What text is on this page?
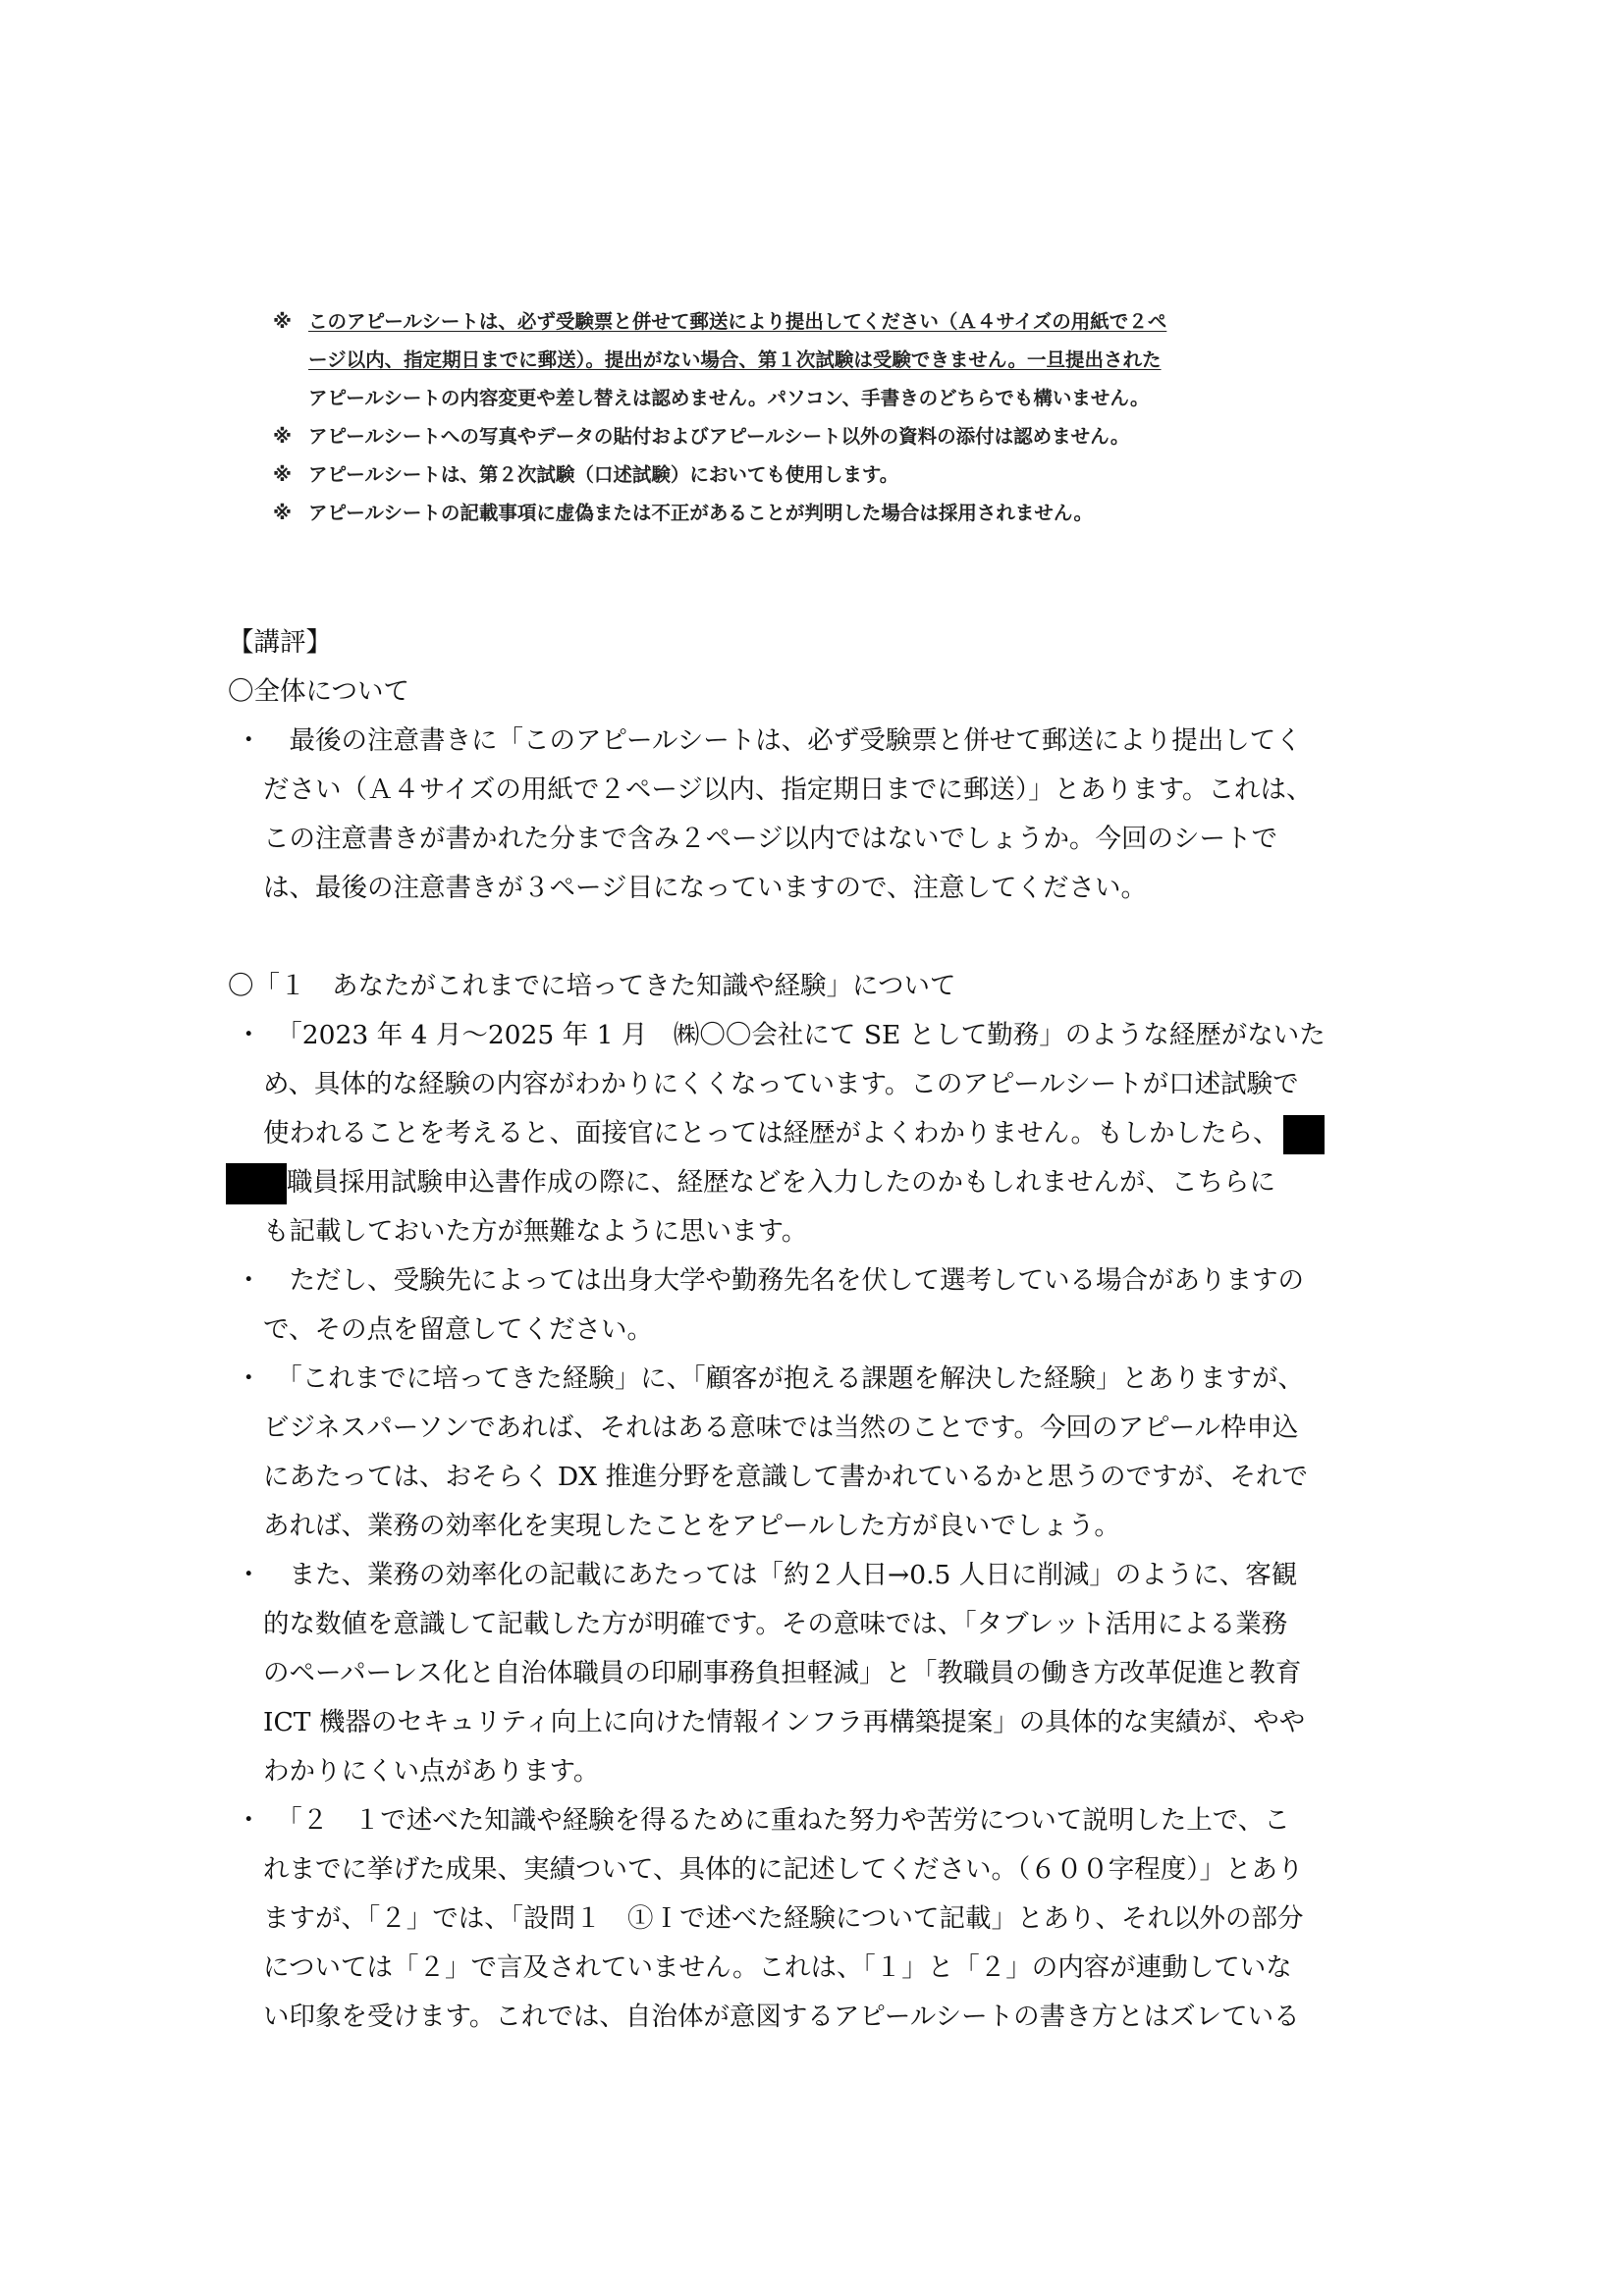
※ このアピールシートは、必ず受験票と併せて郵送により提出してください（Ａ４サイズの用紙で２ペ
ージ以内、指定期日までに郵送）。提出がない場合、第１次試験は受験できません。一旦提出された
アピールシートの内容変更や差し替えは認めません。パソコン、手書きのどちらでも構いません。
※ アピールシートへの写真やデータの貼付およびアピールシート以外の資料の添付は認めません。
※ アピールシートは、第２次試験（口述試験）においても使用します。
※ アピールシートの記載事項に虚偽または不正があることが判明した場合は採用されません。
【講評】
〇全体について
・ 　最後の注意書きに「このアピールシートは、必ず受験票と併せて郵送により提出してく
ださい（Ａ４サイズの用紙で２ページ以内、指定期日までに郵送）」とあります。これは、
この注意書きが書かれた分まで含み２ページ以内ではないでしょうか。今回のシートで
は、最後の注意書きが３ページ目になっていますので、注意してください。
〇「１　あなたがこれまでに培ってきた知識や経験」について
・ 　「2023 年 4 月～2025 年 1 月　㈱〇〇会社にて SE として勤務」のような経歴がないた
め、具体的な経験の内容がわかりにくくなっています。このアピールシートが口述試験で
使われることを考えると、面接官にとっては経歴がよくわかりません。もしかしたら、
職員採用試験申込書作成の際に、経歴などを入力したのかもしれませんが、こちらに
も記載しておいた方が無難なように思います。
・ 　ただし、受験先によっては出身大学や勤務先名を伏して選考している場合がありますの
で、その点を留意してください。
・ 　「これまでに培ってきた経験」に、「顧客が抱える課題を解決した経験」とありますが、
ビジネスパーソンであれば、それはある意味では当然のことです。今回のアピール枠申込
にあたっては、おそらく DX 推進分野を意識して書かれているかと思うのですが、それで
あれば、業務の効率化を実現したことをアピールした方が良いでしょう。
・ 　また、業務の効率化の記載にあたっては「約２人日→0.5 人日に削減」のように、客観
的な数値を意識して記載した方が明確です。その意味では、「タブレット活用による業務
のペーパーレス化と自治体職員の印刷事務負担軽減」と「教職員の働き方改革促進と教育
ICT 機器のセキュリティ向上に向けた情報インフラ再構築提案」の具体的な実績が、やや
わかりにくい点があります。
・ 　「２　１で述べた知識や経験を得るために重ねた努力や苦労について説明した上で、こ
れまでに挙げた成果、実績ついて、具体的に記述してください。（６００字程度）」とあり
ますが、「２」では、「設問１　①Ｉで述べた経験について記載」とあり、それ以外の部分
については「２」で言及されていません。これは、「１」と「２」の内容が連動していな
い印象を受けます。これでは、自治体が意図するアピールシートの書き方とはズレている
